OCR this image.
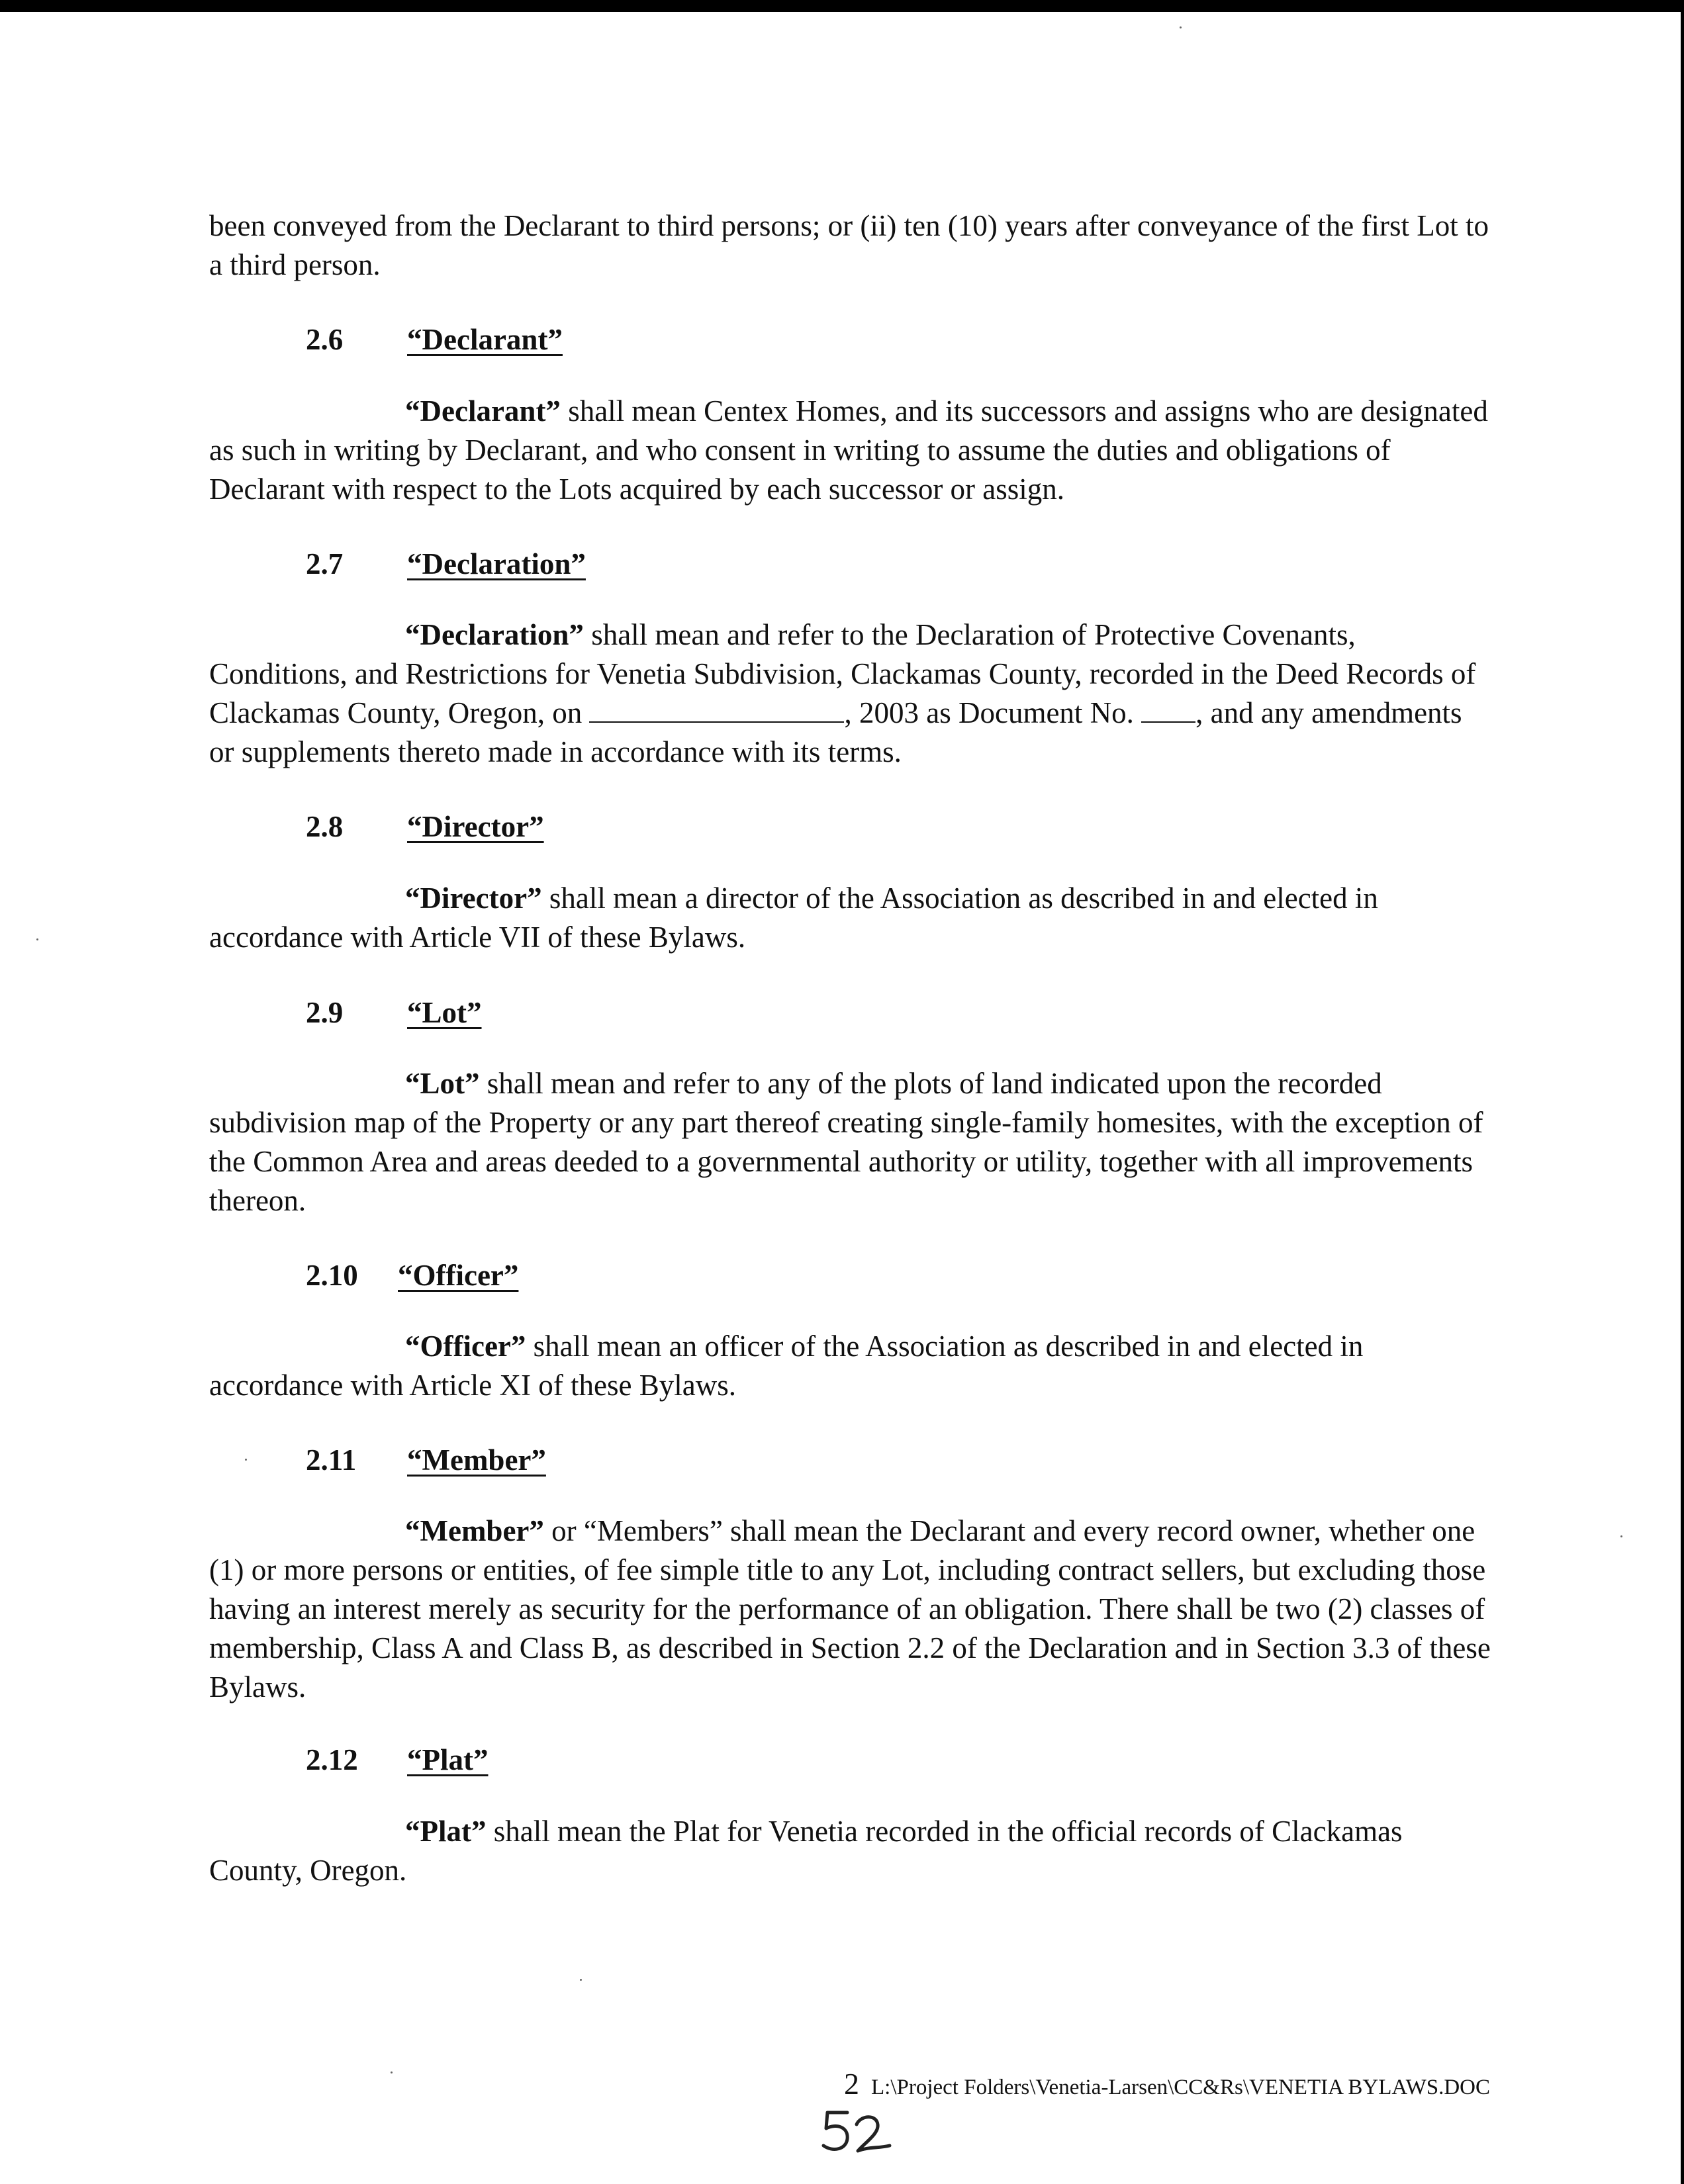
been conveyed from the Declarant to third persons; or (ii) ten (10) years after conveyance of the first Lot to a third person.

2.6 “Declarant”

“Declarant” shall mean Centex Homes, and its successors and assigns who are designated as such in writing by Declarant, and who consent in writing to assume the duties and obligations of Declarant with respect to the Lots acquired by each successor or assign.

2.7 “Declaration”

“Declaration” shall mean and refer to the Declaration of Protective Covenants, Conditions, and Restrictions for Venetia Subdivision, Clackamas County, recorded in the Deed Records of Clackamas County, Oregon, on	, 2003 as Document No. , and any amendments or supplements thereto made in accordance with its terms.

2.8 “Director”

“Director” shall mean a director of the Association as described in and elected in accordance with Article VII of these Bylaws.

2.9 “Lot”

“Lot” shall mean and refer to any of the plots of land indicated upon the recorded subdivision map of the Property or any part thereof creating single-family homesites, with the exception of the Common Area and areas deeded to a governmental authority or utility, together with all improvements thereon.

2.10 “Officer”

“Officer” shall mean an officer of the Association as described in and elected in accordance with Article XI of these Bylaws.

2.11 “Member”

“Member” or “Members” shall mean the Declarant and every record owner, whether one (1) or more persons or entities, of fee simple title to any Lot, including contract sellers, but excluding those having an interest merely as security for the performance of an obligation. There shall be two (2) classes of membership, Class A and Class B, as described in Section 2.2 of the Declaration and in Section 3.3 of these Bylaws.

2.12 “Plat”

“Plat” shall mean the Plat for Venetia recorded in the official records of Clackamas County, Oregon.

2 L:\Project Folders\Venetia-Larsen\CC&Rs\VENETIA BYLAWS.DOC
